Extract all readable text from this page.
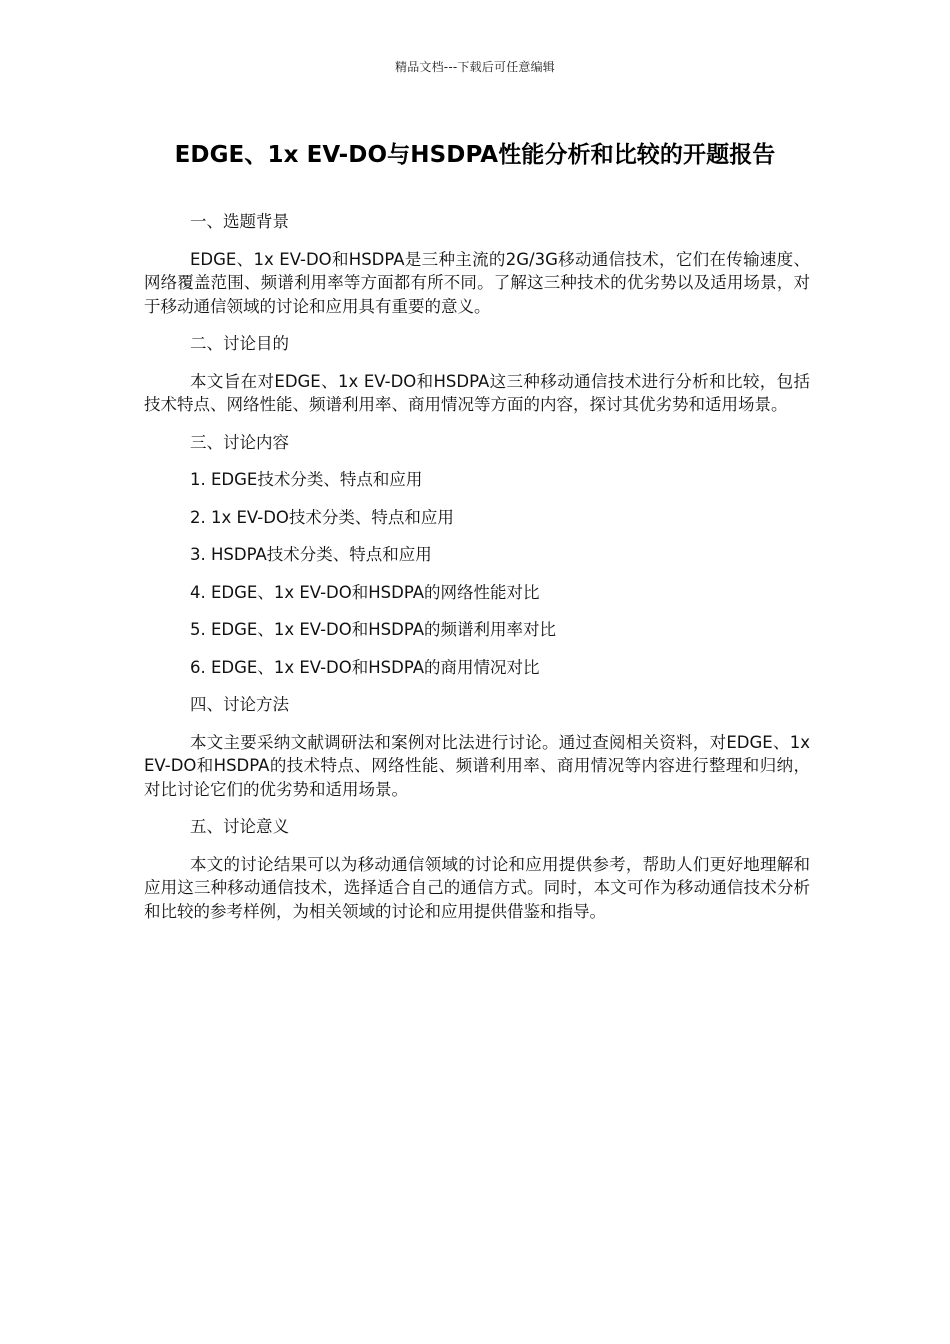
精品文档---下载后可任意编辑
EDGE、1x EV-DO与HSDPA性能分析和比较的开题报告

一、选题背景

EDGE、1x EV-DO和HSDPA是三种主流的2G/3G移动通信技术，它们在传输速度、网络覆盖范围、频谱利用率等方面都有所不同。了解这三种技术的优劣势以及适用场景，对于移动通信领域的讨论和应用具有重要的意义。

二、讨论目的

本文旨在对EDGE、1x EV-DO和HSDPA这三种移动通信技术进行分析和比较，包括技术特点、网络性能、频谱利用率、商用情况等方面的内容，探讨其优劣势和适用场景。

三、讨论内容

1. EDGE技术分类、特点和应用

2. 1x EV-DO技术分类、特点和应用

3. HSDPA技术分类、特点和应用

4. EDGE、1x EV-DO和HSDPA的网络性能对比

5. EDGE、1x EV-DO和HSDPA的频谱利用率对比

6. EDGE、1x EV-DO和HSDPA的商用情况对比

四、讨论方法

本文主要采纳文献调研法和案例对比法进行讨论。通过查阅相关资料，对EDGE、1x EV-DO和HSDPA的技术特点、网络性能、频谱利用率、商用情况等内容进行整理和归纳，对比讨论它们的优劣势和适用场景。

五、讨论意义

本文的讨论结果可以为移动通信领域的讨论和应用提供参考，帮助人们更好地理解和应用这三种移动通信技术，选择适合自己的通信方式。同时，本文可作为移动通信技术分析和比较的参考样例，为相关领域的讨论和应用提供借鉴和指导。
